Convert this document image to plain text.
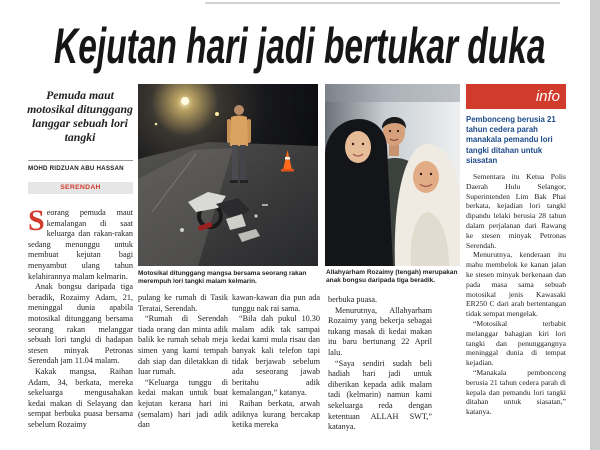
Kejutan hari jadi bertukar duka

Pemuda maut motosikal ditunggang langgar sebuah lori tangki

MOHD RIDZUAN ABU HASSAN
SERENDAH

Seorang pemuda maut kemalangan di saat keluarga dan rakan-rakan sedang menunggu untuk membuat kejutan bagi menyambut ulang tahun kelahirannya malam kelmarin.

Anak bongsu daripada tiga beradik, Rozaimy Adam, 21, meninggal dunia apabila motosikal ditunggang bersama seorang rakan melanggar sebuah lori tangki di hadapan stesen minyak Petronas Serendah jam 11.04 malam.

Kakak mangsa, Raihan Adam, 34, berkata, mereka sekeluarga mengusahakan kedai makan di Selayang dan sempat berbuka puasa bersama sebelum Rozaimy

Motosikal ditunggang mangsa bersama seorang rakan merempuh lori tangki malam kelmarin.

pulang ke rumah di Tasik Teratai, Serendah.

“Rumah di Serendah tiada orang dan minta adik balik ke rumah sebab meja simen yang kami tempah dah siap dan diletakkan di luar rumah.

“Keluarga tunggu di kedai makan untuk buat kejutan kerana hari ini (semalam) hari jadi adik dan

kawan-kawan dia pun ada tunggu nak rai sama.

“Bila dah pukul 10.30 malam adik tak sampai kedai kami mula risau dan banyak kali telefon tapi tidak berjawab sebelum ada seseorang jawab beritahu adik kemalangan,” katanya.

Raihan berkata, arwah adiknya kurang bercakap ketika mereka

Allahyarham Rozaimy (tengah) merupakan anak bongsu daripada tiga beradik.

berbuka puasa.

Menurutnya, Allahyarham Rozaimy yang bekerja sebagai tukang masak di kedai makan itu baru bertunang 22 April lalu.

“Saya sendiri sudah beli hadiah hari jadi untuk diberikan kepada adik malam tadi (kelmarin) namun kami sekeluarga reda dengan ketentuan ALLAH SWT,” katanya.

info

Pembonceng berusia 21 tahun cedera parah manakala pemandu lori tangki ditahan untuk siasatan

Sementara itu Ketua Polis Daerah Hulu Selangor, Superintenden Lim Bak Phai berkata, kejadian lori tangki dipandu lelaki berusia 28 tahun dalam perjalanan dari Rawang ke stesen minyak Petronas Serendah.

Menurutnya, kenderaan itu mahu membelok ke kanan jalan ke stesen minyak berkenaan dan pada masa sama sebuah motosikal jenis Kawasaki ER250 C dari arah bertentangan tidak sempat mengelak.

“Motosikal terbabit melanggar bahagian kiri lori tangki dan penunggangnya meninggal dunia di tempat kejadian.

“Manakala pembonceng berusia 21 tahun cedera parah di kepala dan pemandu lori tangki ditahan untuk siasatan,” katanya.
